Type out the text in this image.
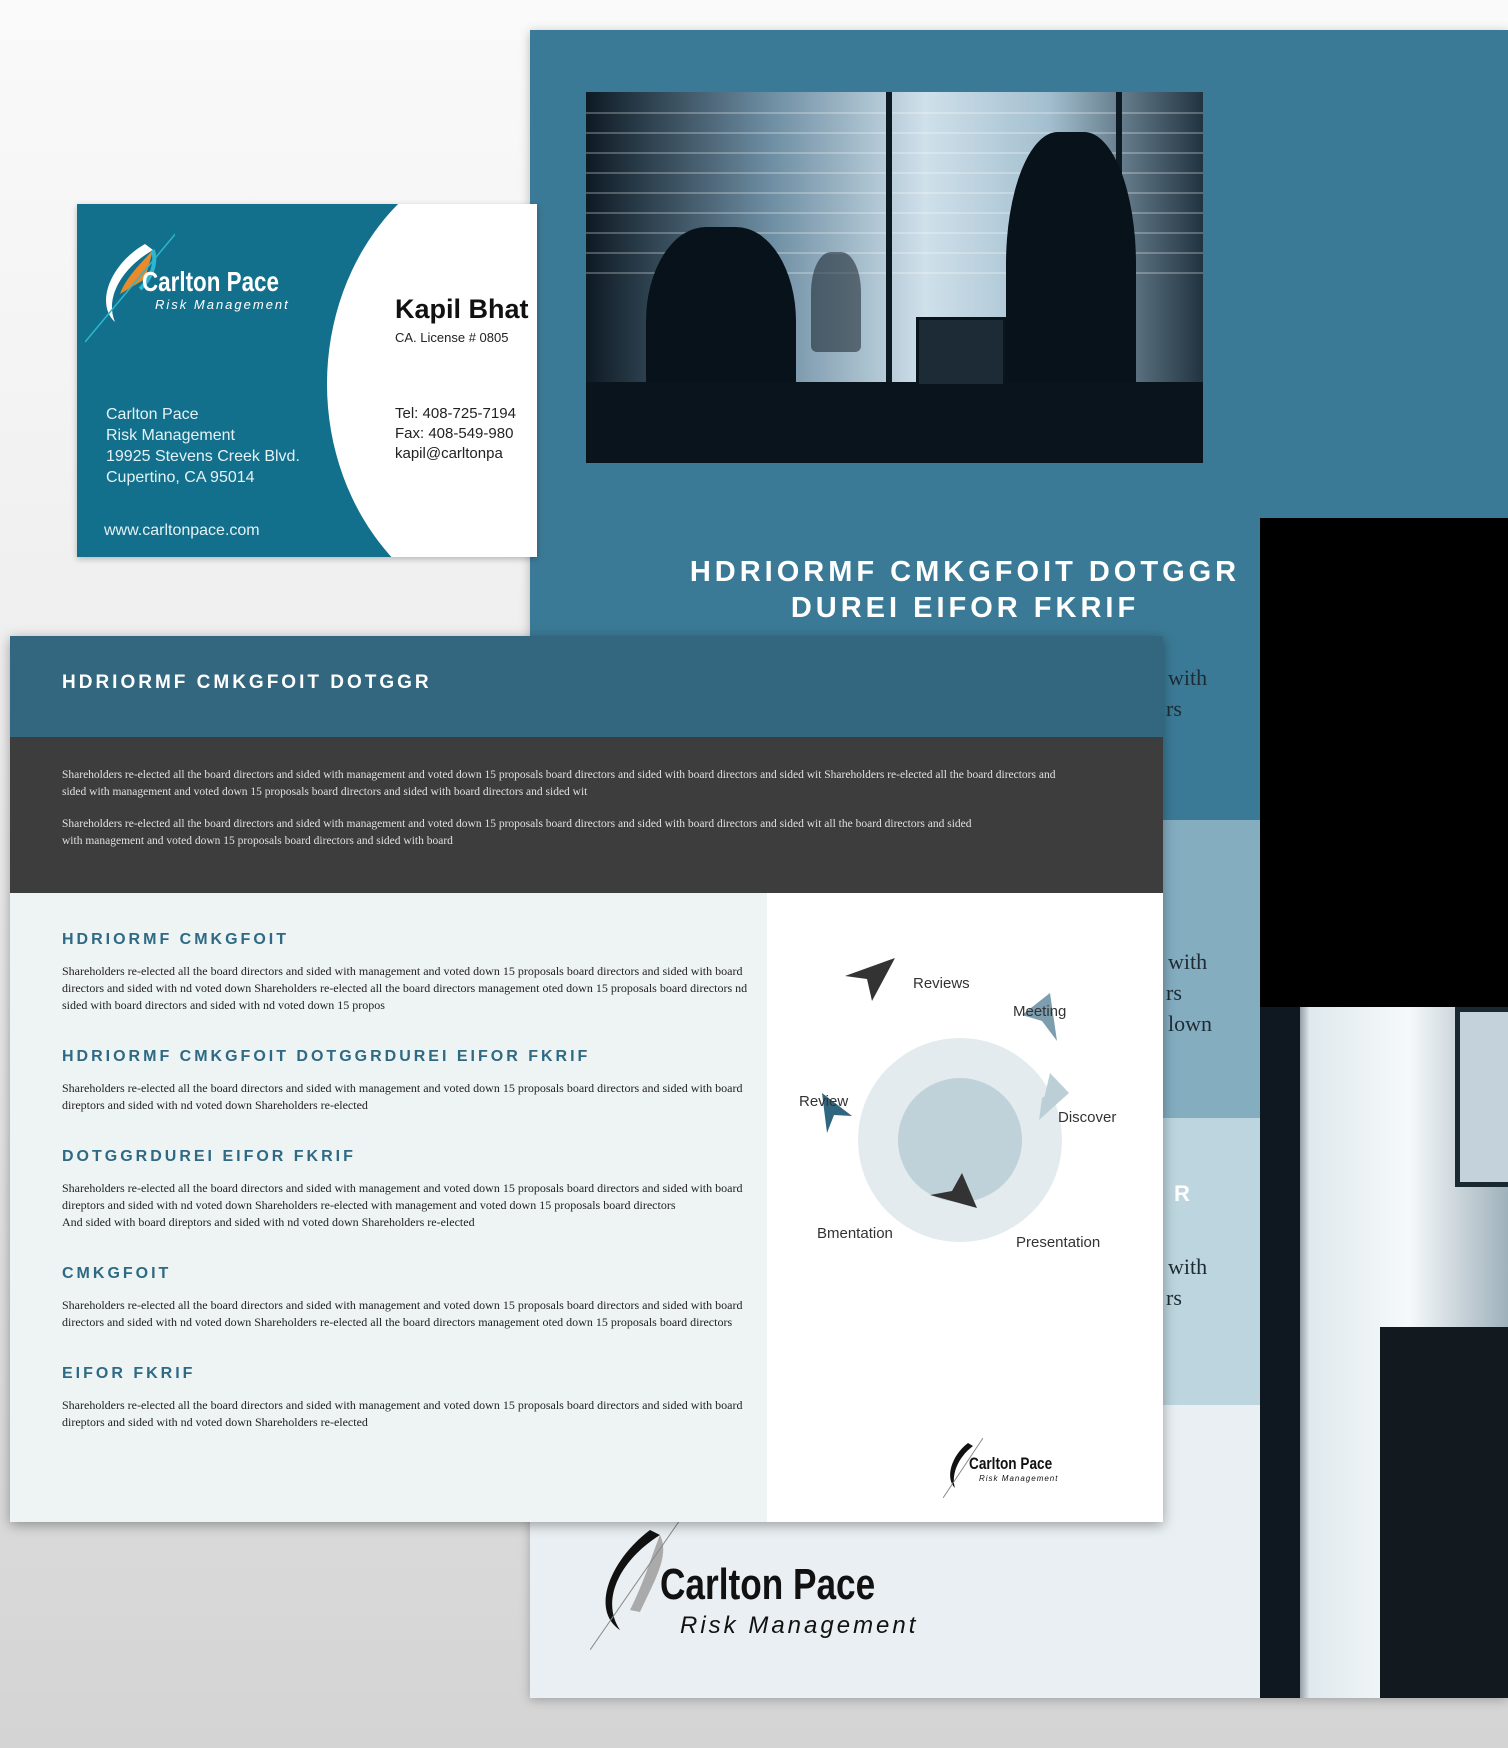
HDRIORMF CMKGFOIT DOTGGR
DUREI EIFOR FKRIF
with
rs
with
rs
lown
R
with
rs
Carlton Pace
Risk Management
Carlton Pace
Risk Management
Carlton Pace
Risk Management
19925 Stevens Creek Blvd.
Cupertino, CA 95014
www.carltonpace.com
Kapil Bhat
CA. License # 0805
Tel: 408-725-7194
Fax: 408-549-980
kapil@carltonpa
HDRIORMF CMKGFOIT DOTGGR

Shareholders re-elected all the board directors and sided with management and voted down 15 proposals board directors and sided with board directors and sided wit Shareholders re-elected all the board directors and sided with management and voted down 15 proposals board directors and sided with board directors and sided wit

Shareholders re-elected all the board directors and sided with management and voted down 15 proposals board directors and sided with board directors and sided wit all the board directors and sided with management and voted down 15 proposals board directors and sided with board

Reviews
Meeting
Discover
Presentation
Bmentation
Review
Carlton Pace
Risk Management
HDRIORMF CMKGFOIT

Shareholders re-elected all the board directors and sided with management and voted down 15 proposals board directors and sided with board directors and sided with nd voted down Shareholders re-elected all the board directors management oted down 15 proposals board directors nd sided with board directors and sided with nd voted down 15 propos

HDRIORMF CMKGFOIT DOTGGRDUREI EIFOR FKRIF

Shareholders re-elected all the board directors and sided with management and voted down 15 proposals board directors and sided with board direptors and sided with nd voted down Shareholders re-elected

DOTGGRDUREI EIFOR FKRIF

Shareholders re-elected all the board directors and sided with management and voted down 15 proposals board directors and sided with board direptors and sided with nd voted down Shareholders re-elected with management and voted down 15 proposals board directors
And sided with board direptors and sided with nd voted down Shareholders re-elected

CMKGFOIT

Shareholders re-elected all the board directors and sided with management and voted down 15 proposals board directors and sided with board directors and sided with nd voted down Shareholders re-elected all the board directors management oted down 15 proposals board directors

EIFOR FKRIF

Shareholders re-elected all the board directors and sided with management and voted down 15 proposals board directors and sided with board direptors and sided with nd voted down Shareholders re-elected
